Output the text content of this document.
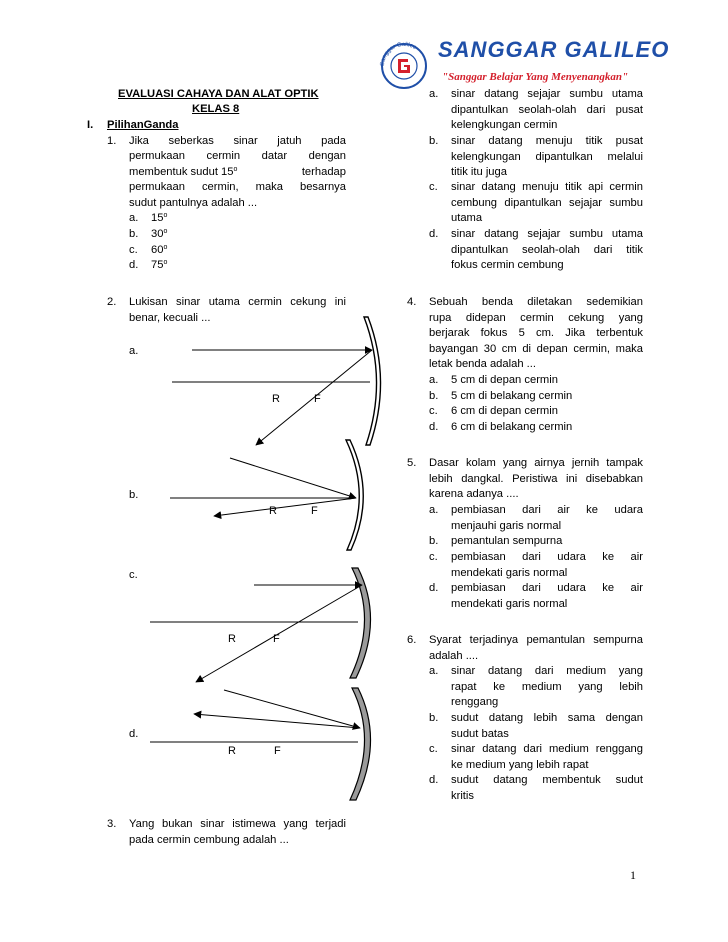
Sanggar Galileo SANGGAR GALILEO
"Sanggar Belajar Yang Menyenangkan"
EVALUASI CAHAYA DAN ALAT OPTIK
KELAS 8
I. PilihanGanda
1. Jika seberkas sinar jatuh pada
permukaan cermin datar dengan
membentuk sudut 15$^o$	terhadap
permukaan cermin, maka besarnya
sudut pantulnya adalah ...
a.	15$^o$
b.	30$^o$
c.	60$^o$
d.	75$^o$
2. Lukisan sinar utama cermin cekung ini
benar, kecuali ...
a.
b.
c.
d.
R	F
R	F
R	F
R	F
3. Yang bukan sinar istimewa yang terjadi
pada cermin cembung adalah ...
a.	sinar datang sejajar sumbu utama
dipantulkan seolah-olah dari pusat
kelengkungan cermin
b.	sinar datang menuju titik pusat
kelengkungan dipantulkan melalui
titik itu juga
c.	sinar datang menuju titik api cermin
cembung dipantulkan sejajar sumbu
utama
d.	sinar datang sejajar sumbu utama
dipantulkan seolah-olah dari titik
fokus cermin cembung
4. Sebuah benda diletakan sedemikian
rupa didepan cermin cekung yang
berjarak fokus 5 cm. Jika terbentuk
bayangan 30 cm di depan cermin, maka
letak benda adalah ...
a.	5 cm di depan cermin
b.	5 cm di belakang cermin
c.	6 cm di depan cermin
d.	6 cm di belakang cermin
5. Dasar kolam yang airnya jernih tampak
lebih dangkal. Peristiwa ini disebabkan
karena adanya ....
a.	pembiasan dari air ke udara
menjauhi garis normal
b.	pemantulan sempurna
c.	pembiasan dari udara ke air
mendekati garis normal
d.	pembiasan dari udara ke air
mendekati garis normal
6. Syarat terjadinya pemantulan sempurna
adalah ....
a.	sinar datang dari medium yang
rapat ke medium yang lebih
renggang
b.	sudut datang lebih sama dengan
sudut batas
c.	sinar datang dari medium renggang
ke medium yang lebih rapat
d.	sudut datang membentuk sudut
kritis
1
